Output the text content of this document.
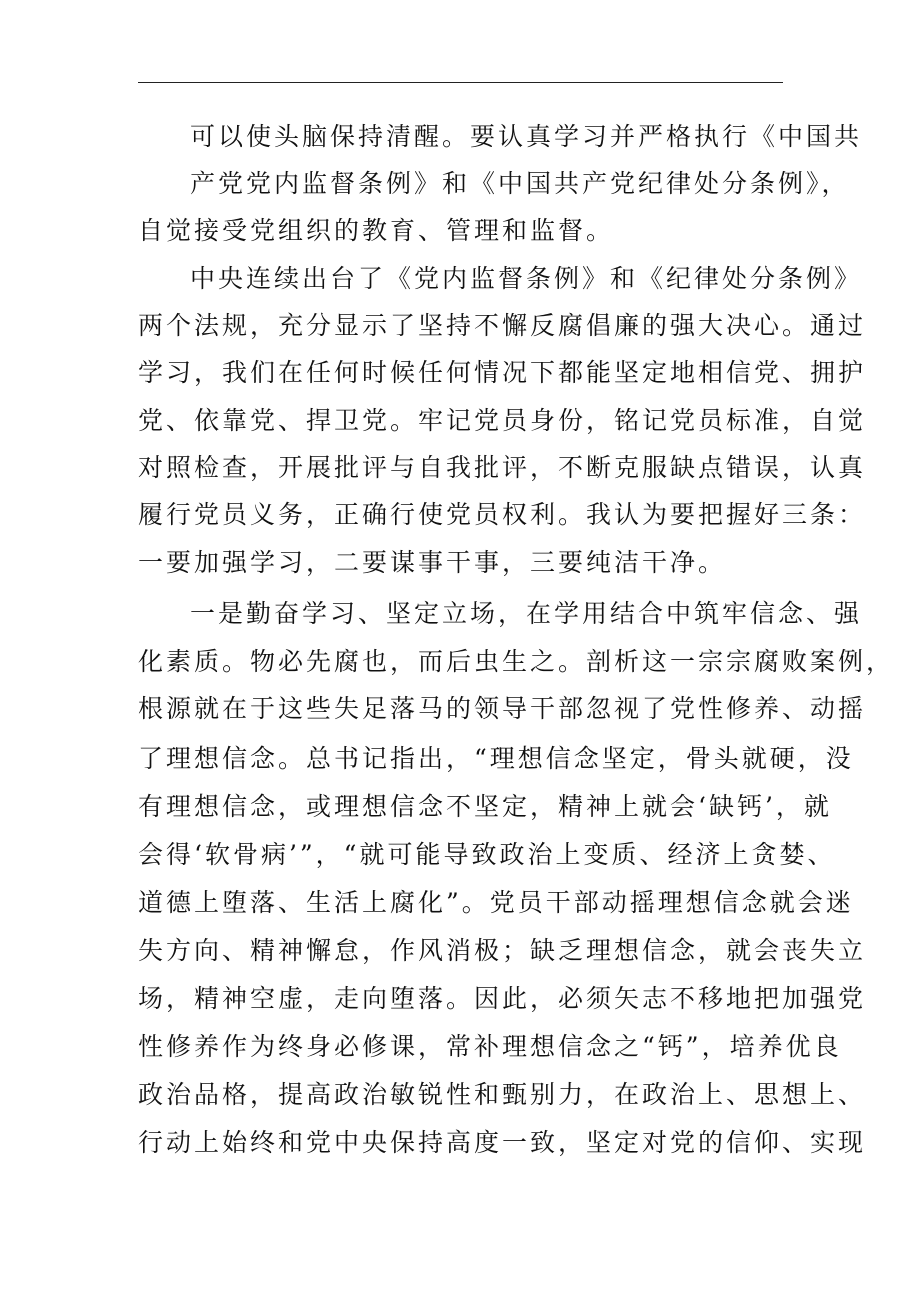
可以使头脑保持清醒。要认真学习并严格执行《中国共
产党党内监督条例》和《中国共产党纪律处分条例》，
自觉接受党组织的教育、管理和监督。
中央连续出台了《党内监督条例》和《纪律处分条例》
两个法规，充分显示了坚持不懈反腐倡廉的强大决心。通过
学习，我们在任何时候任何情况下都能坚定地相信党、拥护
党、依靠党、捍卫党。牢记党员身份，铭记党员标准，自觉
对照检查，开展批评与自我批评，不断克服缺点错误，认真
履行党员义务，正确行使党员权利。我认为要把握好三条：
一要加强学习，二要谋事干事，三要纯洁干净。
一是勤奋学习、坚定立场，在学用结合中筑牢信念、强
化素质。物必先腐也，而后虫生之。剖析这一宗宗腐败案例，
根源就在于这些失足落马的领导干部忽视了党性修养、动摇
了理想信念。总书记指出，“理想信念坚定，骨头就硬，没
有理想信念，或理想信念不坚定，精神上就会‘缺钙’，就
会得‘软骨病’”，“就可能导致政治上变质、经济上贪婪、
道德上堕落、生活上腐化”。党员干部动摇理想信念就会迷
失方向、精神懈怠，作风消极；缺乏理想信念，就会丧失立
场，精神空虚，走向堕落。因此，必须矢志不移地把加强党
性修养作为终身必修课，常补理想信念之“钙”，培养优良
政治品格，提高政治敏锐性和甄别力，在政治上、思想上、
行动上始终和党中央保持高度一致，坚定对党的信仰、实现
